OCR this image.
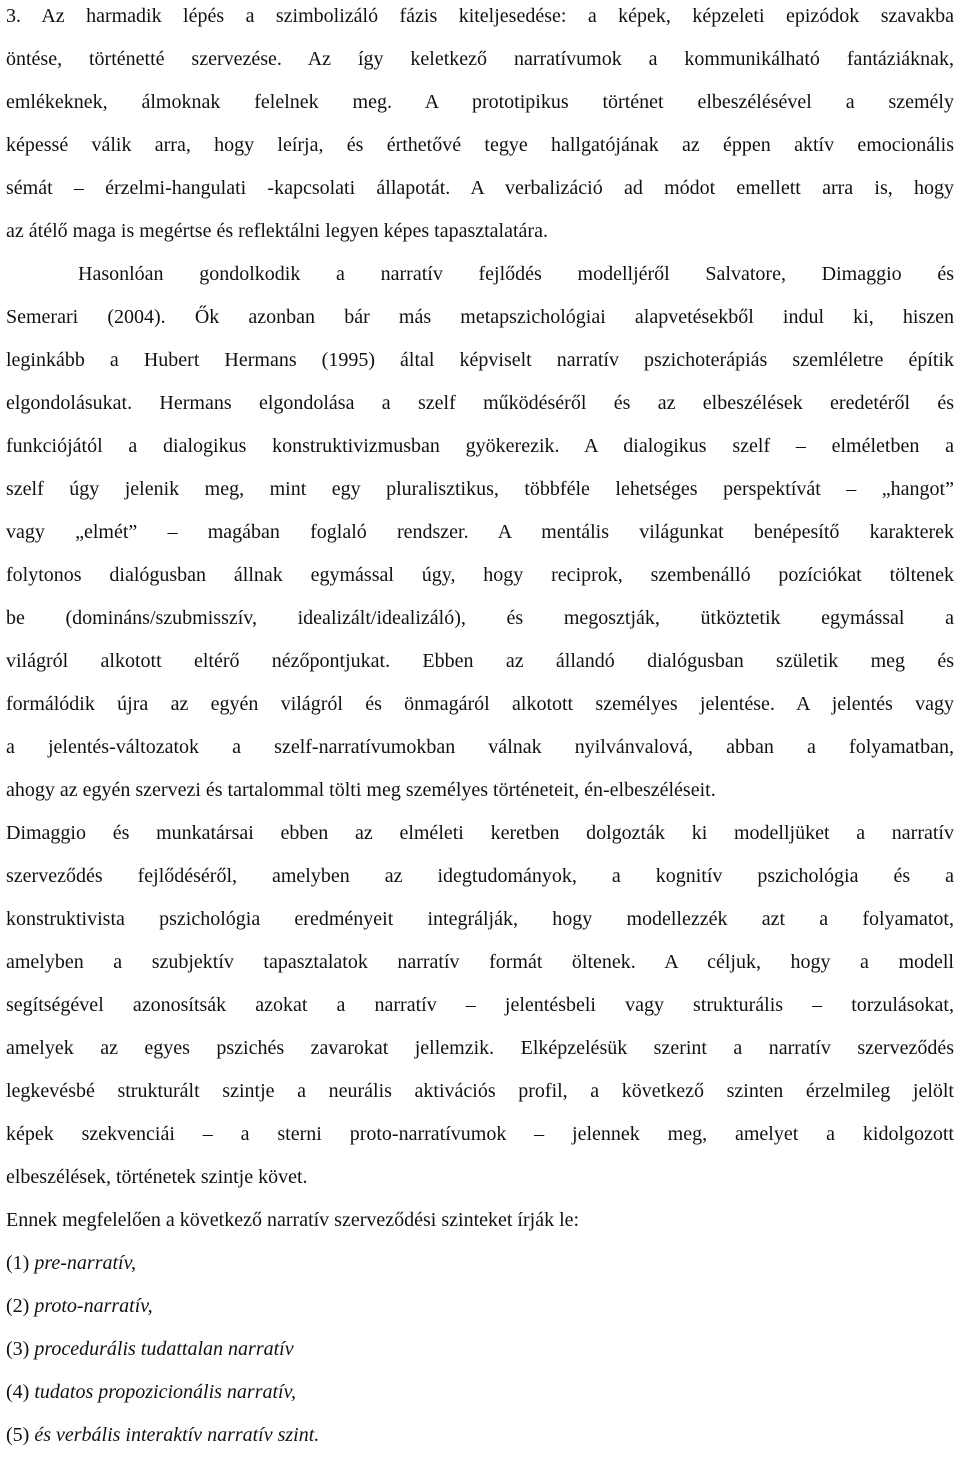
3. Az harmadik lépés a szimbolizáló fázis kiteljesedése: a képek, képzeleti epizódok szavakba
öntése, történetté szervezése. Az így keletkező narratívumok a kommunikálható fantáziáknak,
emlékeknek, álmoknak felelnek meg. A prototipikus történet elbeszélésével a személy
képessé válik arra, hogy leírja, és érthetővé tegye hallgatójának az éppen aktív emocionális
sémát – érzelmi-hangulati -kapcsolati állapotát. A verbalizáció ad módot emellett arra is, hogy
az átélő maga is megértse és reflektálni legyen képes tapasztalatára.
Hasonlóan gondolkodik a narratív fejlődés modelljéről Salvatore, Dimaggio és
Semerari (2004). Ők azonban bár más metapszichológiai alapvetésekből indul ki, hiszen
leginkább a Hubert Hermans (1995) által képviselt narratív pszichoterápiás szemléletre építik
elgondolásukat. Hermans elgondolása a szelf működéséről és az elbeszélések eredetéről és
funkciójától a dialogikus konstruktivizmusban gyökerezik. A dialogikus szelf – elméletben a
szelf úgy jelenik meg, mint egy pluralisztikus, többféle lehetséges perspektívát – „hangot”
vagy „elmét” – magában foglaló rendszer. A mentális világunkat benépesítő karakterek
folytonos dialógusban állnak egymással úgy, hogy reciprok, szembenálló pozíciókat töltenek
be (domináns/szubmisszív, idealizált/idealizáló), és megosztják, ütköztetik egymással a
világról alkotott eltérő nézőpontjukat. Ebben az állandó dialógusban születik meg és
formálódik újra az egyén világról és önmagáról alkotott személyes jelentése. A jelentés vagy
a jelentés-változatok a szelf-narratívumokban válnak nyilvánvalová, abban a folyamatban,
ahogy az egyén szervezi és tartalommal tölti meg személyes történeteit, én-elbeszéléseit.
Dimaggio és munkatársai ebben az elméleti keretben dolgozták ki modelljüket a narratív
szerveződés fejlődéséről, amelyben az idegtudományok, a kognitív pszichológia és a
konstruktivista pszichológia eredményeit integrálják, hogy modellezzék azt a folyamatot,
amelyben a szubjektív tapasztalatok narratív formát öltenek. A céljuk, hogy a modell
segítségével azonosítsák azokat a narratív – jelentésbeli vagy strukturális – torzulásokat,
amelyek az egyes pszichés zavarokat jellemzik. Elképzelésük szerint a narratív szerveződés
legkevésbé strukturált szintje a neurális aktivációs profil, a következő szinten érzelmileg jelölt
képek szekvenciái – a sterni proto-narratívumok – jelennek meg, amelyet a kidolgozott
elbeszélések, történetek szintje követ.
Ennek megfelelően a következő narratív szerveződési szinteket írják le:
(1) pre-narratív,
(2) proto-narratív,
(3) procedurális tudattalan narratív
(4) tudatos propozicionális narratív,
(5) és verbális interaktív narratív szint.
